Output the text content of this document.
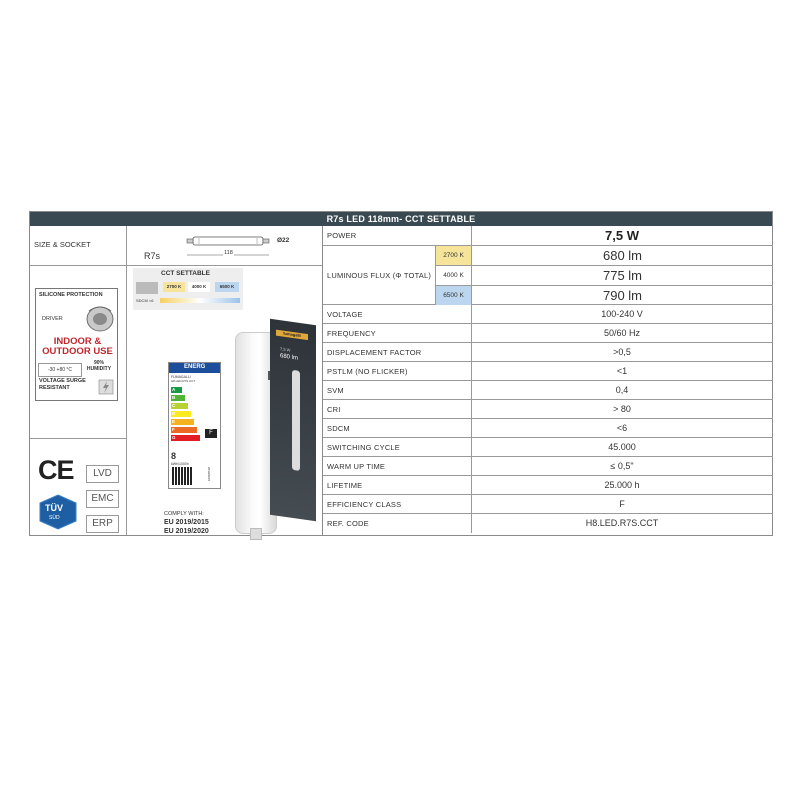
R7s LED 118mm- CCT SETTABLE
SIZE & SOCKET	Ø22
118
R7s
SILICONE PROTECTION
DRIVER
INDOOR & OUTDOOR USE
-30 +80 °C
90%
HUMIDITY
VOLTAGE SURGE RESISTANT
CE
TÜV
SÜD
LVD
EMC
ERP
CCT SETTABLE
2700 K	4000 K	6500 K
SDCM <6
fumagalli
7,5 W
680 lm
ENERG
FUMAGALLI
H8.LED.R7S.CCT
A
B
C
D
E
F
G
F
8
kWh/1000h
2019/2015
COMPLY WITH:
EU 2019/2015
EU 2019/2020
POWER	7,5 W
LUMINOUS FLUX (Φ TOTAL)
2700 K	680 lm
4000 K	775 lm
6500 K	790 lm
VOLTAGE	100-240 V
FREQUENCY	50/60 Hz
DISPLACEMENT FACTOR	>0,5
PSTLM (NO FLICKER)	<1
SVM	0,4
CRI	> 80
SDCM	<6
SWITCHING CYCLE	45.000
WARM UP TIME	≤ 0,5"
LIFETIME	25.000 h
EFFICIENCY CLASS	F
REF. CODE	H8.LED.R7S.CCT
